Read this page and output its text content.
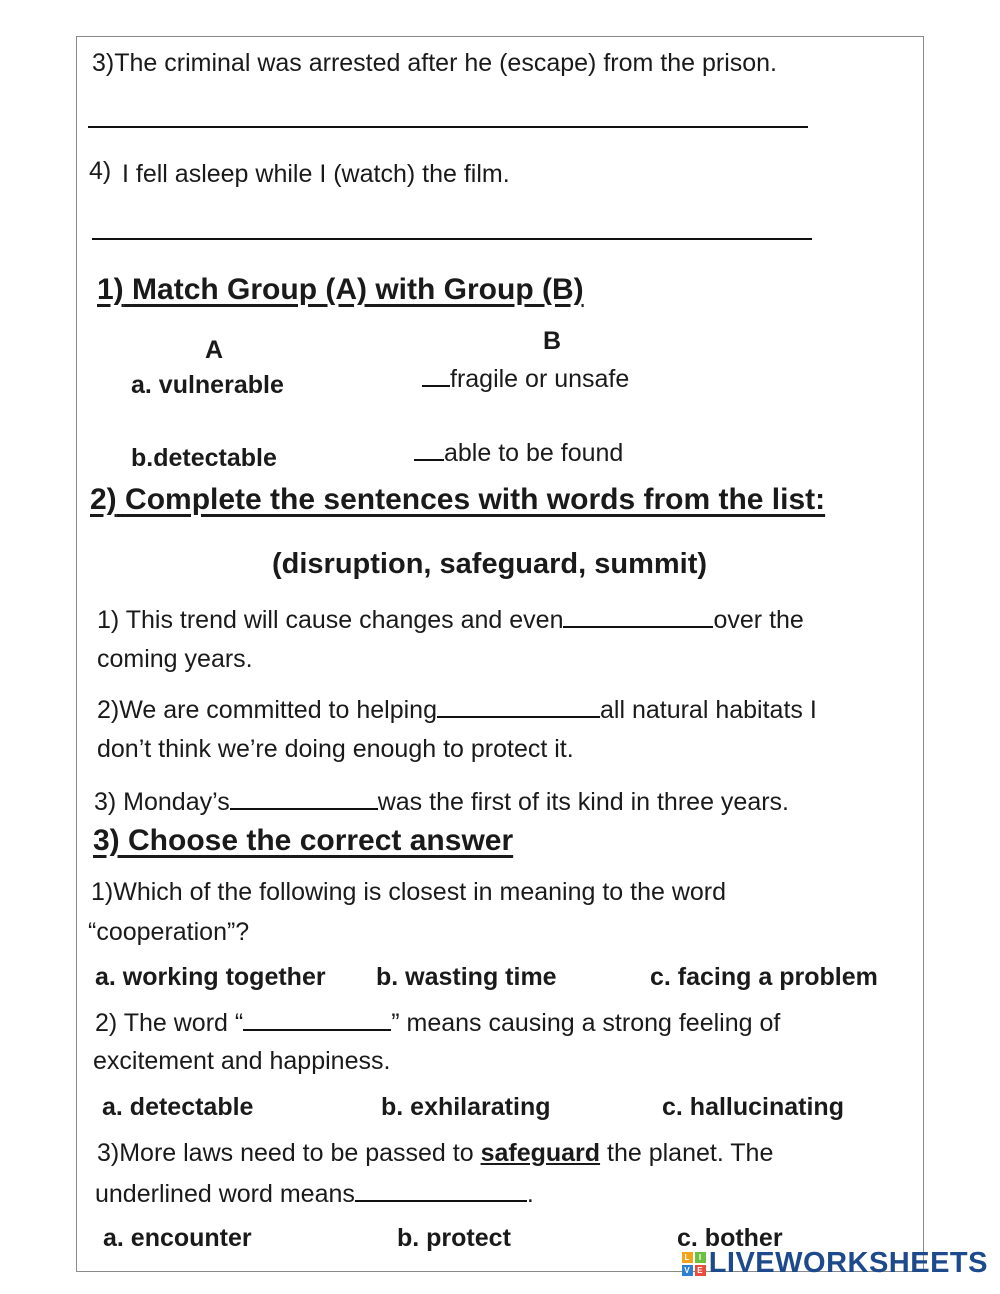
3)The criminal was arrested after he (escape) from the prison.
4) I fell asleep while I (watch) the film.
1) Match Group (A) with Group (B)
A	B
a. vulnerable	fragile or unsafe
b.detectable	able to be found
2) Complete the sentences with words from the list:
(disruption, safeguard, summit)
1) This trend will cause changes and even	over the
coming years.
2)We are committed to helping	all natural habitats I
don’t think we’re doing enough to protect it.
3) Monday’s	was the first of its kind in three years.
3) Choose the correct answer
1)Which of the following is closest in meaning to the word
“cooperation”?
a. working together b. wasting time	c. facing a problem
2) The word “	” means causing a strong feeling of
excitement and happiness.
a. detectable	b. exhilarating	c. hallucinating
3)More laws need to be passed to safeguard the planet. The
underlined word means	.
a. encounter	b. protect	c. bother
L	I
V E LIVEWORKSHEETS
